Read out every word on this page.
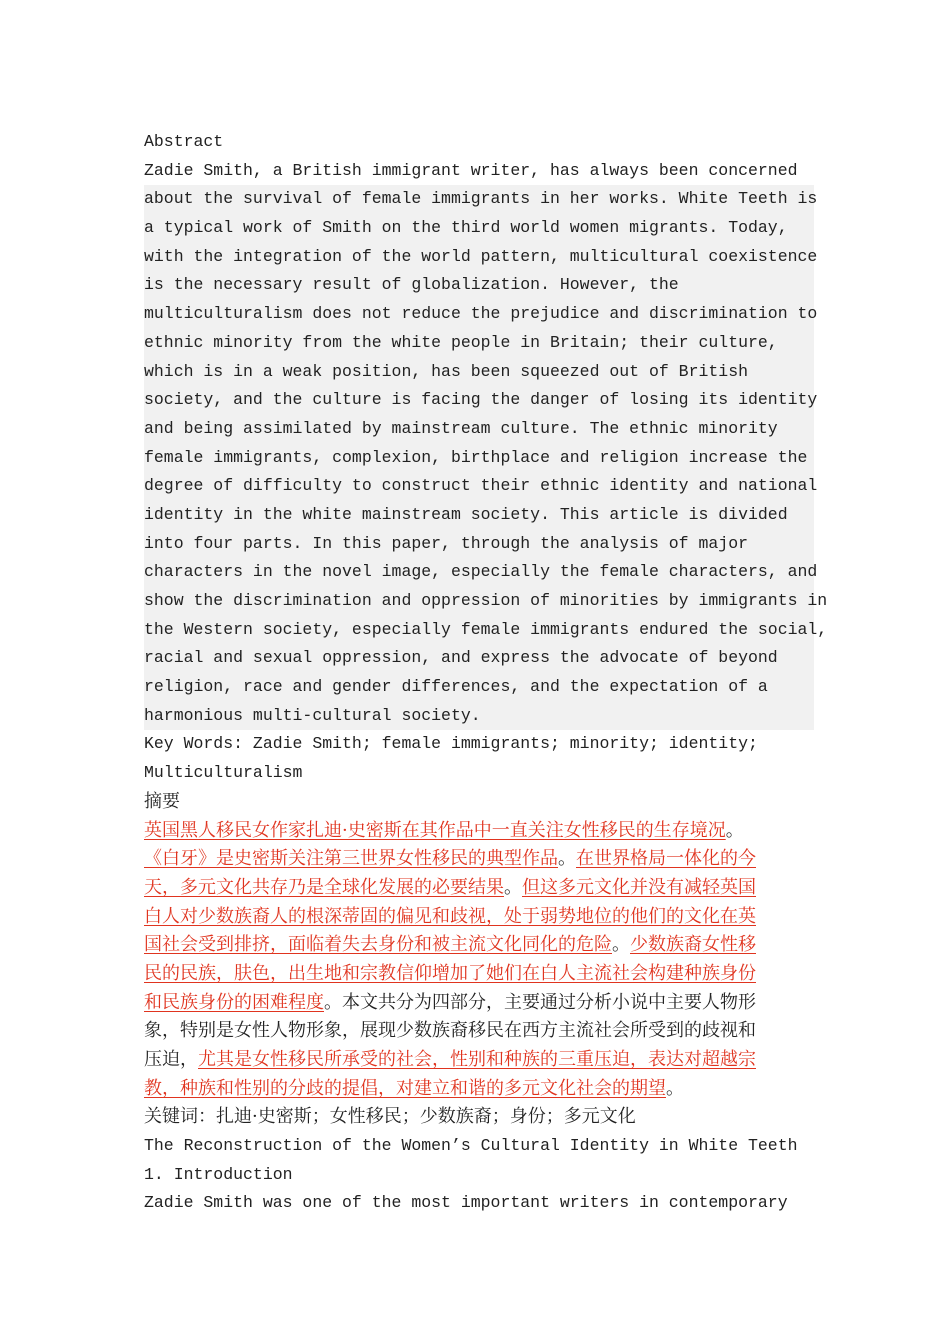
Abstract
Zadie Smith, a British immigrant writer, has always been concerned
about the survival of female immigrants in her works. White Teeth is
a typical work of Smith on the third world women migrants. Today,
with the integration of the world pattern, multicultural coexistence
is the necessary result of globalization. However, the
multiculturalism does not reduce the prejudice and discrimination to
ethnic minority from the white people in Britain; their culture,
which is in a weak position, has been squeezed out of British
society, and the culture is facing the danger of losing its identity
and being assimilated by mainstream culture. The ethnic minority
female immigrants, complexion, birthplace and religion increase the
degree of difficulty to construct their ethnic identity and national
identity in the white mainstream society. This article is divided
into four parts. In this paper, through the analysis of major
characters in the novel image, especially the female characters, and
show the discrimination and oppression of minorities by immigrants in
the Western society, especially female immigrants endured the social,
racial and sexual oppression, and express the advocate of beyond
religion, race and gender differences, and the expectation of a
harmonious multi-cultural society.
Key Words: Zadie Smith; female immigrants; minority; identity;
Multiculturalism
摘要
英国黑人移民女作家扎迪·史密斯在其作品中一直关注女性移民的生存境况。
《白牙》是史密斯关注第三世界女性移民的典型作品。在世界格局一体化的今
天，多元文化共存乃是全球化发展的必要结果。但这多元文化并没有减轻英国
白人对少数族裔人的根深蒂固的偏见和歧视，处于弱势地位的他们的文化在英
国社会受到排挤，面临着失去身份和被主流文化同化的危险。少数族裔女性移
民的民族，肤色，出生地和宗教信仰增加了她们在白人主流社会构建种族身份
和民族身份的困难程度。本文共分为四部分，主要通过分析小说中主要人物形
象，特别是女性人物形象，展现少数族裔移民在西方主流社会所受到的歧视和
压迫，尤其是女性移民所承受的社会，性别和种族的三重压迫，表达对超越宗
教，种族和性别的分歧的提倡，对建立和谐的多元文化社会的期望。
关键词：扎迪·史密斯；女性移民；少数族裔；身份；多元文化
The Reconstruction of the Women’s Cultural Identity in White Teeth
1. Introduction
Zadie Smith was one of the most important writers in contemporary
